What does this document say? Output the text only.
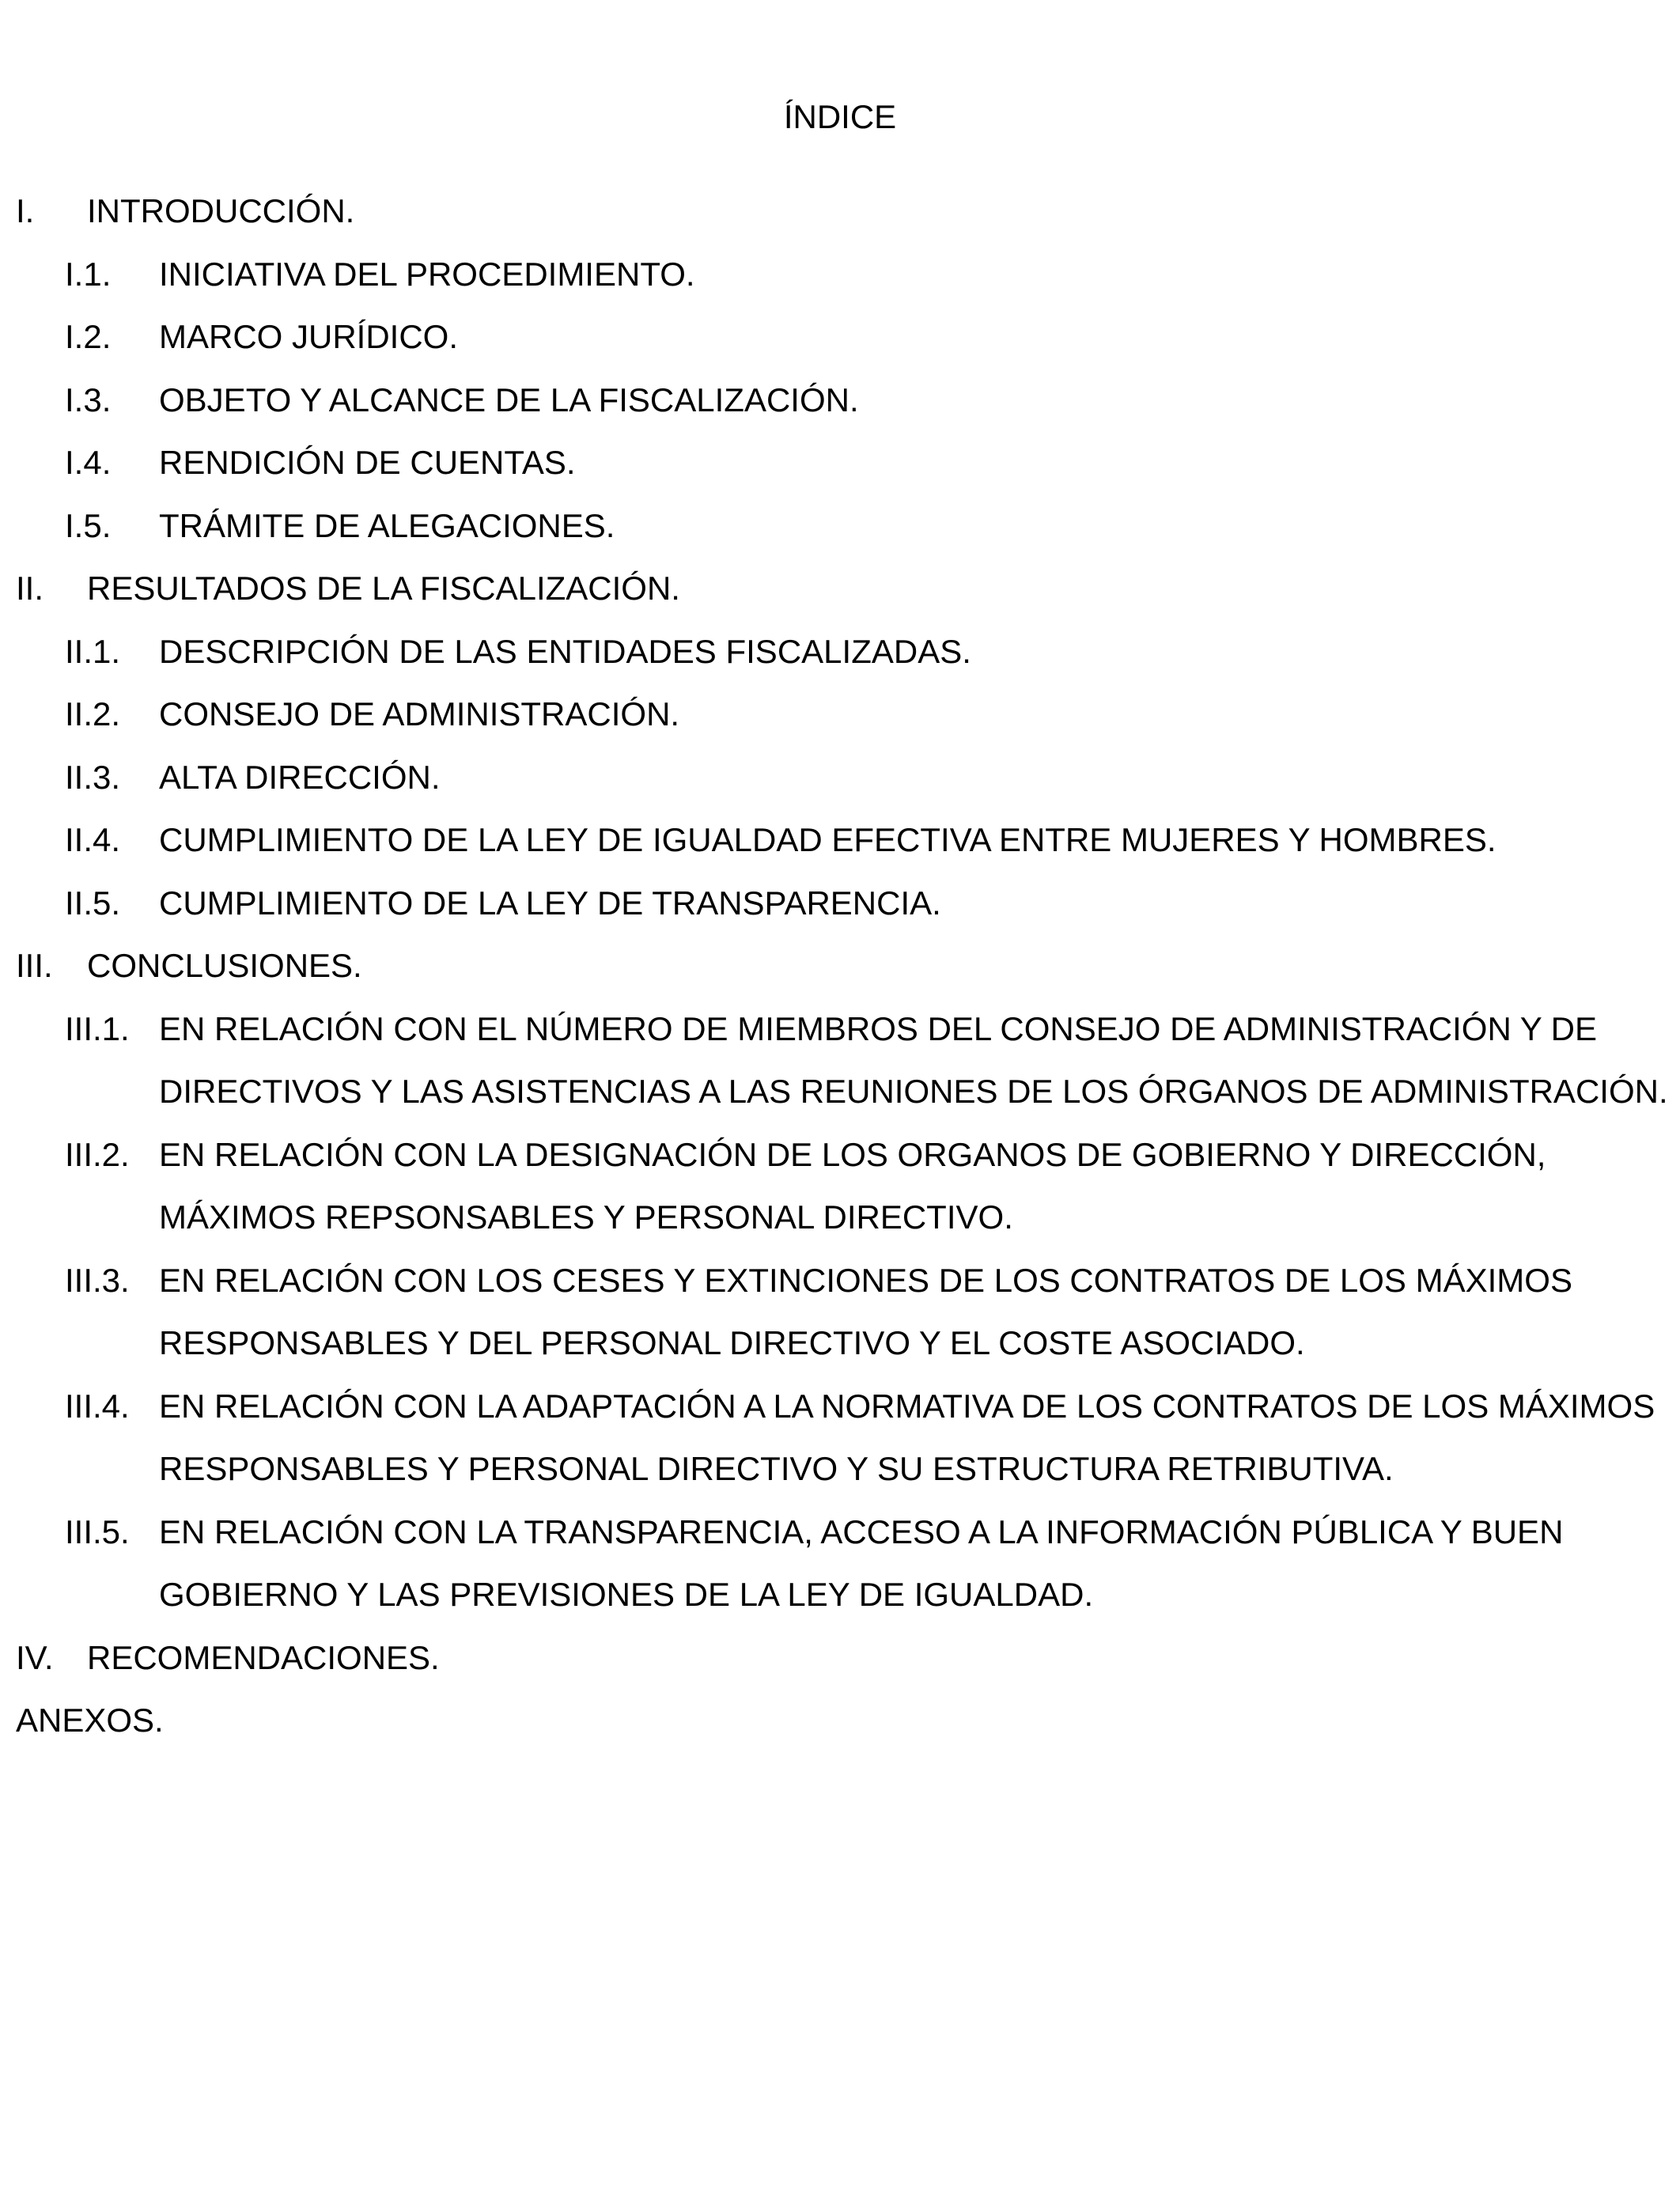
ÍNDICE
I. INTRODUCCIÓN.
I.1. INICIATIVA DEL PROCEDIMIENTO.
I.2. MARCO JURÍDICO.
I.3. OBJETO Y ALCANCE DE LA FISCALIZACIÓN.
I.4. RENDICIÓN DE CUENTAS.
I.5. TRÁMITE DE ALEGACIONES.
II. RESULTADOS DE LA FISCALIZACIÓN.
II.1. DESCRIPCIÓN DE LAS ENTIDADES FISCALIZADAS.
II.2. CONSEJO DE ADMINISTRACIÓN.
II.3. ALTA DIRECCIÓN.
II.4. CUMPLIMIENTO DE LA LEY DE IGUALDAD EFECTIVA ENTRE MUJERES Y HOMBRES.
II.5. CUMPLIMIENTO DE LA LEY DE TRANSPARENCIA.
III. CONCLUSIONES.
III.1. EN RELACIÓN CON EL NÚMERO DE MIEMBROS DEL CONSEJO DE ADMINISTRACIÓN Y DE DIRECTIVOS Y LAS ASISTENCIAS A LAS REUNIONES DE LOS ÓRGANOS DE ADMINISTRACIÓN.
III.2. EN RELACIÓN CON LA DESIGNACIÓN DE LOS ORGANOS DE GOBIERNO Y DIRECCIÓN, MÁXIMOS REPSONSABLES Y PERSONAL DIRECTIVO.
III.3. EN RELACIÓN CON LOS CESES Y EXTINCIONES DE LOS CONTRATOS DE LOS MÁXIMOS RESPONSABLES Y DEL PERSONAL DIRECTIVO Y EL COSTE ASOCIADO.
III.4. EN RELACIÓN CON LA ADAPTACIÓN A LA NORMATIVA DE LOS CONTRATOS DE LOS MÁXIMOS RESPONSABLES Y PERSONAL DIRECTIVO Y SU ESTRUCTURA RETRIBUTIVA.
III.5. EN RELACIÓN CON LA TRANSPARENCIA, ACCESO A LA INFORMACIÓN PÚBLICA Y BUEN GOBIERNO Y LAS PREVISIONES DE LA LEY DE IGUALDAD.
IV. RECOMENDACIONES.
ANEXOS.
